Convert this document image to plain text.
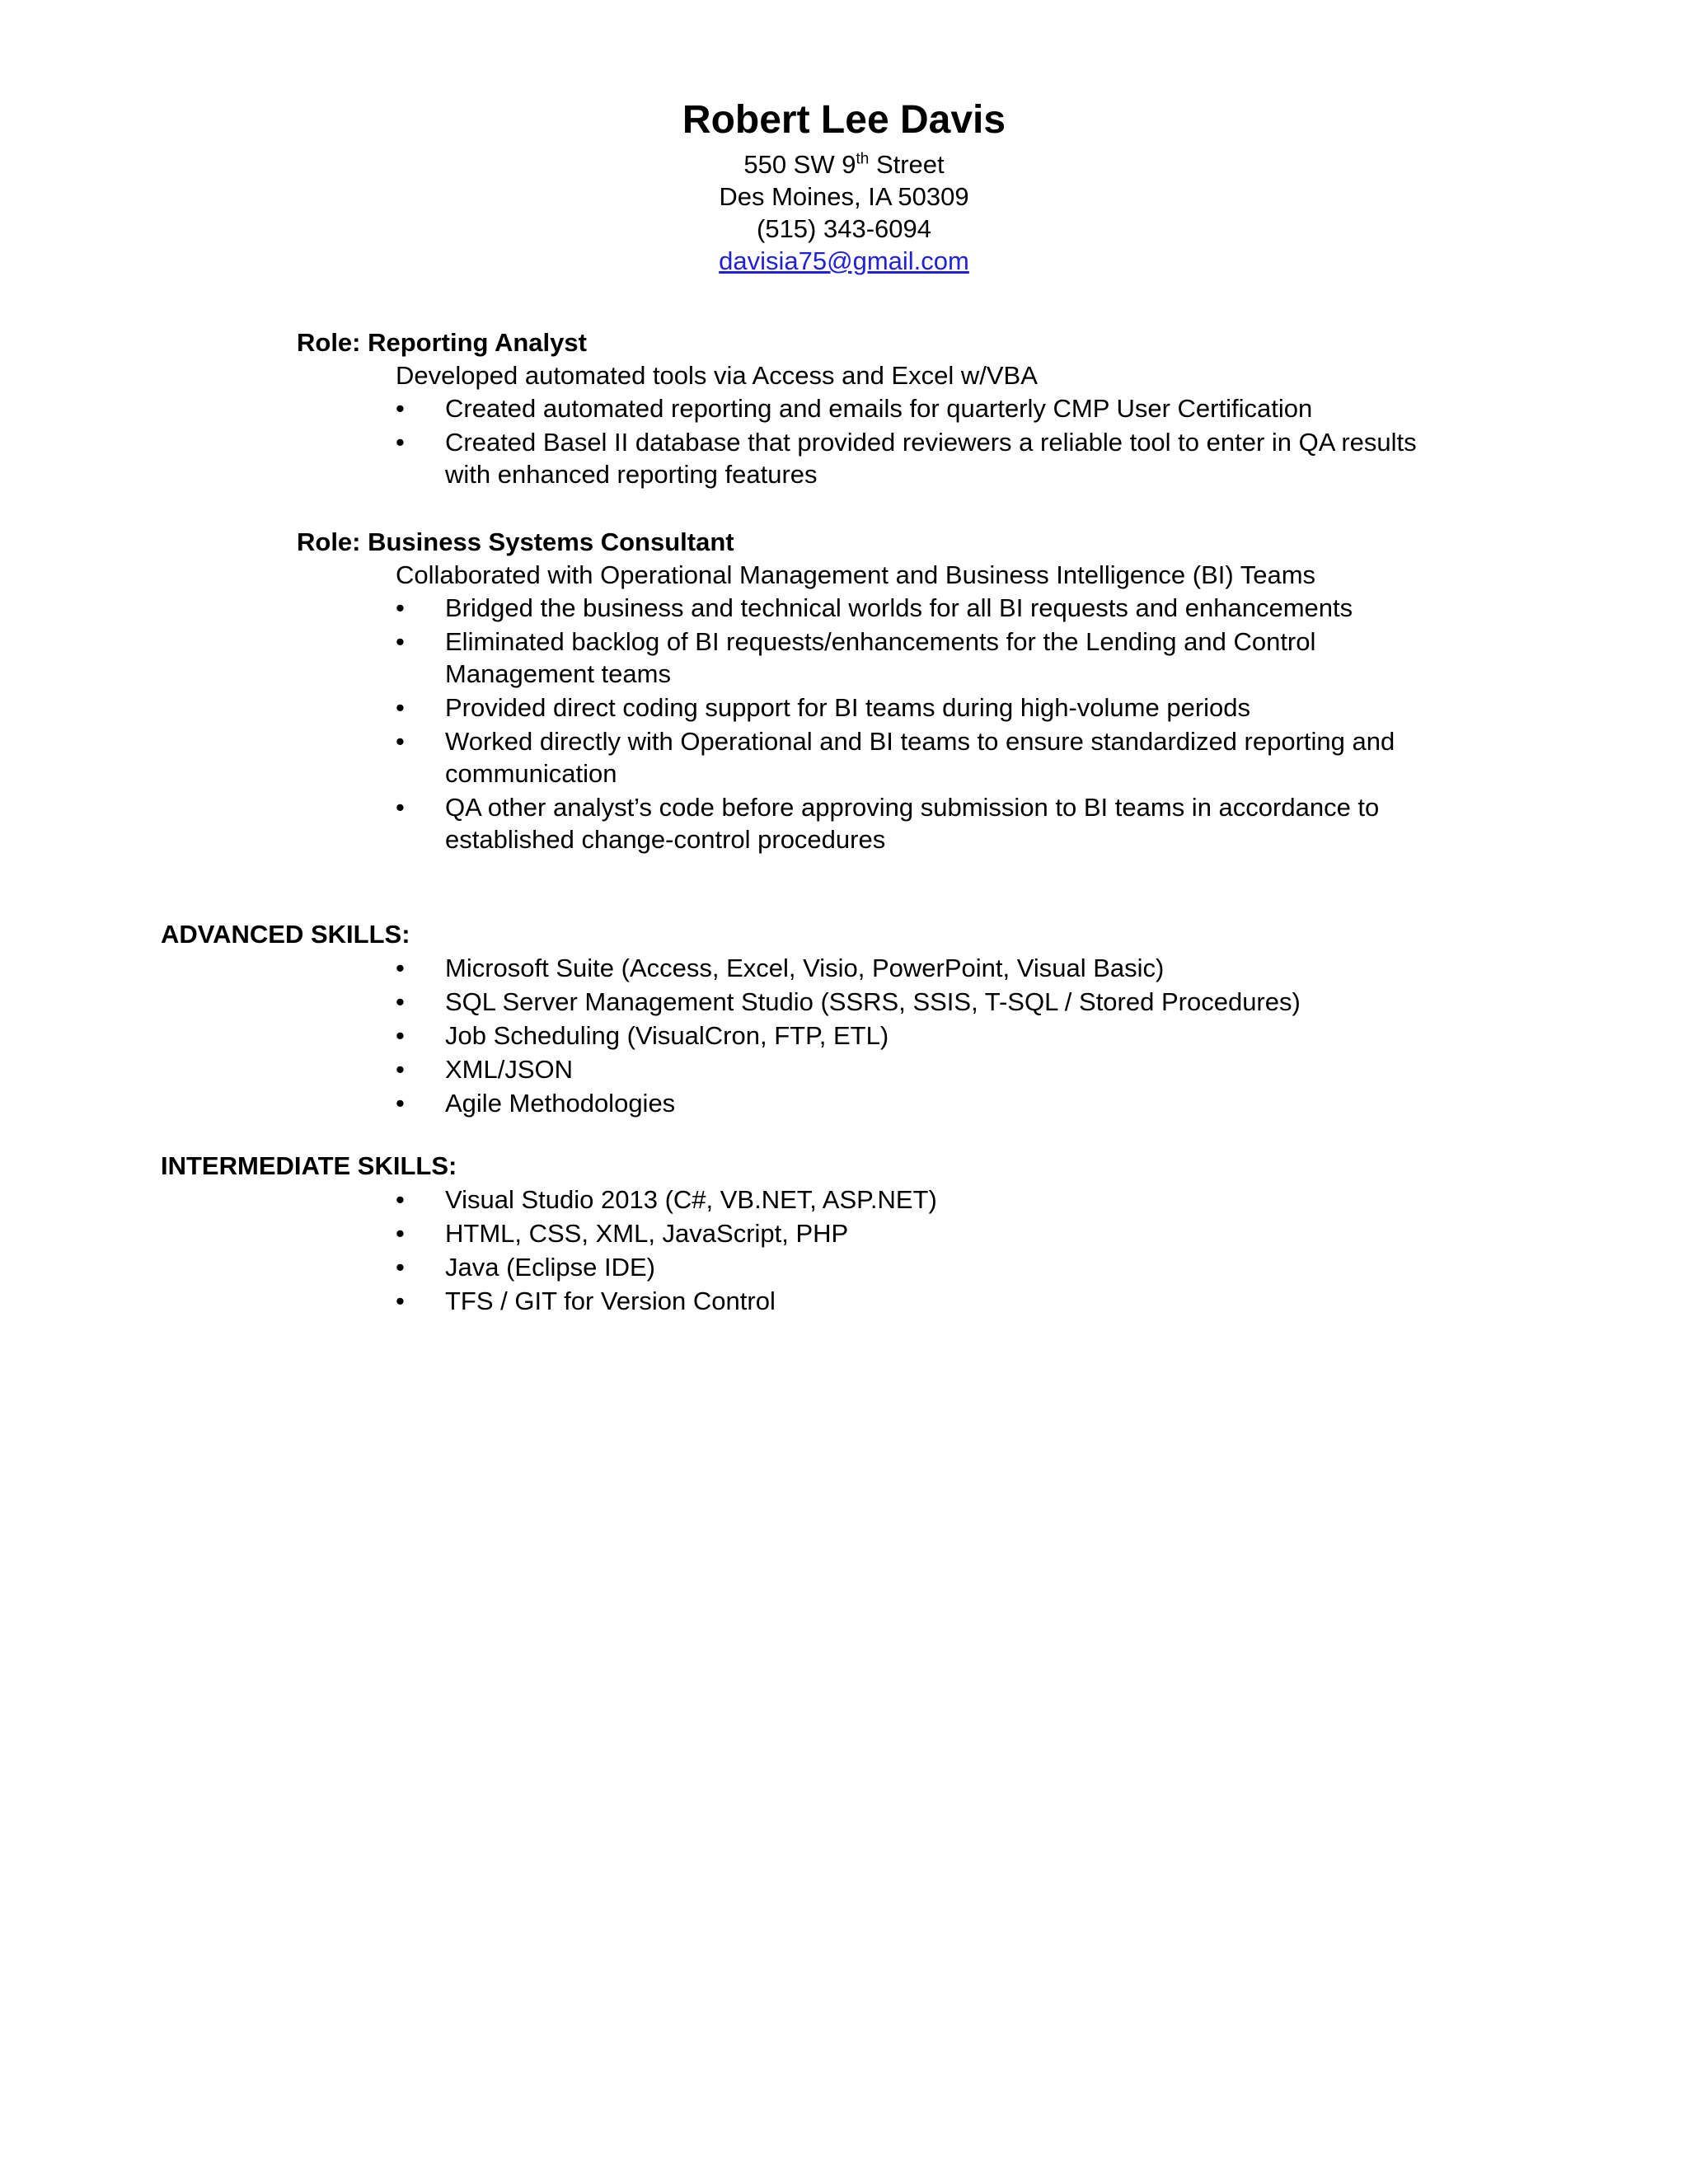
Robert Lee Davis

550 SW 9th Street

Des Moines, IA 50309

(515) 343-6094

davisia75@gmail.com

Role: Reporting Analyst

Developed automated tools via Access and Excel w/VBA

• Created automated reporting and emails for quarterly CMP User Certification
• Created Basel II database that provided reviewers a reliable tool to enter in QA results with enhanced reporting features

Role: Business Systems Consultant

Collaborated with Operational Management and Business Intelligence (BI) Teams

• Bridged the business and technical worlds for all BI requests and enhancements
• Eliminated backlog of BI requests/enhancements for the Lending and Control Management teams
• Provided direct coding support for BI teams during high-volume periods
• Worked directly with Operational and BI teams to ensure standardized reporting and communication
• QA other analyst’s code before approving submission to BI teams in accordance to established change-control procedures

ADVANCED SKILLS:

• Microsoft Suite (Access, Excel, Visio, PowerPoint, Visual Basic)
• SQL Server Management Studio (SSRS, SSIS, T-SQL / Stored Procedures)
• Job Scheduling (VisualCron, FTP, ETL)
• XML/JSON
• Agile Methodologies

INTERMEDIATE SKILLS:

• Visual Studio 2013 (C#, VB.NET, ASP.NET)
• HTML, CSS, XML, JavaScript, PHP
• Java (Eclipse IDE)
• TFS / GIT for Version Control
